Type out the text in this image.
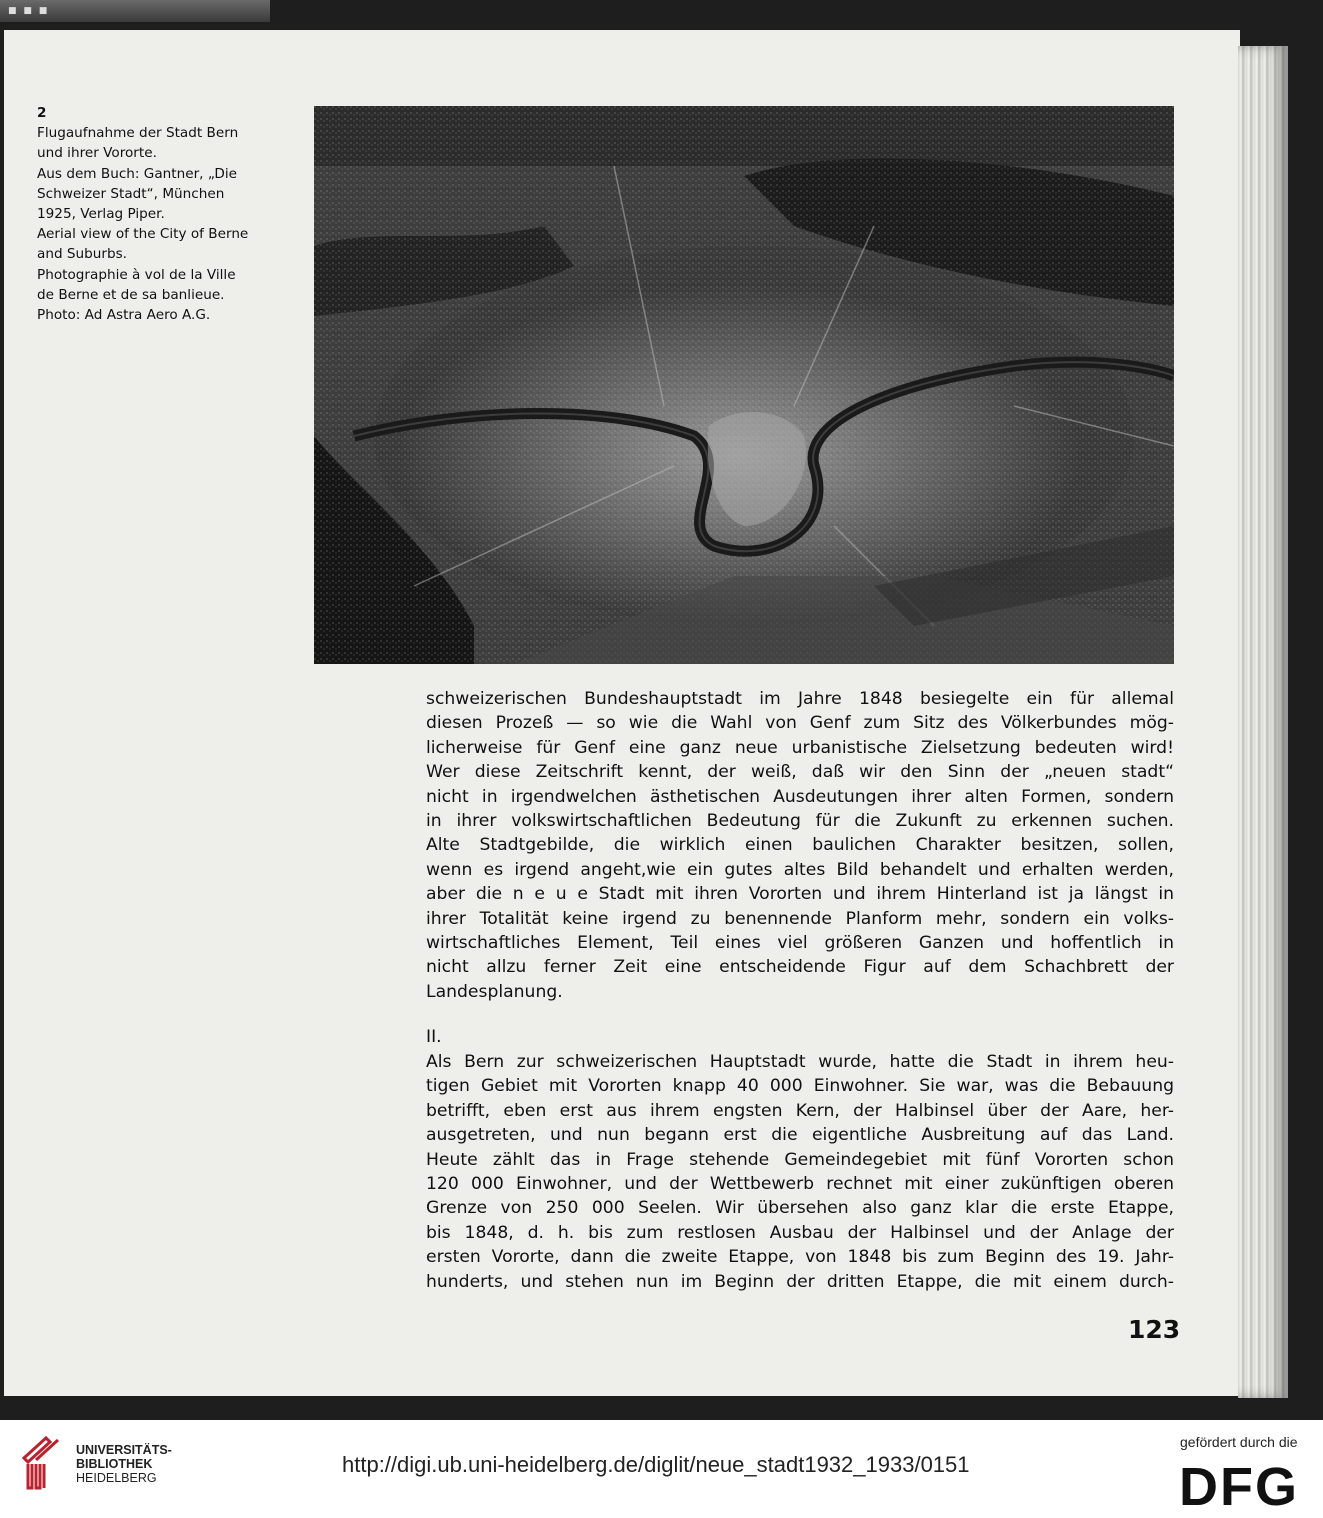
■ ■ ■
2
Flugaufnahme der Stadt Bern
und ihrer Vororte.
Aus dem Buch: Gantner, „Die
Schweizer Stadt“, München
1925, Verlag Piper.
Aerial view of the City of Berne
and Suburbs.
Photographie à vol de la Ville
de Berne et de sa banlieue.
Photo: Ad Astra Aero A.G.
schweizerischen Bundeshauptstadt im Jahre 1848 besiegelte ein für allemal
diesen Prozeß — so wie die Wahl von Genf zum Sitz des Völkerbundes mög-
licherweise für Genf eine ganz neue urbanistische Zielsetzung bedeuten wird!
Wer diese Zeitschrift kennt, der weiß, daß wir den Sinn der „neuen stadt“
nicht in irgendwelchen ästhetischen Ausdeutungen ihrer alten Formen, sondern
in ihrer volkswirtschaftlichen Bedeutung für die Zukunft zu erkennen suchen.
Alte Stadtgebilde, die wirklich einen baulichen Charakter besitzen, sollen,
wenn es irgend angeht,wie ein gutes altes Bild behandelt und erhalten werden,
aber die n e u e Stadt mit ihren Vororten und ihrem Hinterland ist ja längst in
ihrer Totalität keine irgend zu benennende Planform mehr, sondern ein volks-
wirtschaftliches Element, Teil eines viel größeren Ganzen und hoffentlich in
nicht allzu ferner Zeit eine entscheidende Figur auf dem Schachbrett der
Landesplanung.
II.
Als Bern zur schweizerischen Hauptstadt wurde, hatte die Stadt in ihrem heu-
tigen Gebiet mit Vororten knapp 40 000 Einwohner. Sie war, was die Bebauung
betrifft, eben erst aus ihrem engsten Kern, der Halbinsel über der Aare, her-
ausgetreten, und nun begann erst die eigentliche Ausbreitung auf das Land.
Heute zählt das in Frage stehende Gemeindegebiet mit fünf Vororten schon
120 000 Einwohner, und der Wettbewerb rechnet mit einer zukünftigen oberen
Grenze von 250 000 Seelen. Wir übersehen also ganz klar die erste Etappe,
bis 1848, d. h. bis zum restlosen Ausbau der Halbinsel und der Anlage der
ersten Vororte, dann die zweite Etappe, von 1848 bis zum Beginn des 19. Jahr-
hunderts, und stehen nun im Beginn der dritten Etappe, die mit einem durch-
123
UNIVERSITÄTS-
BIBLIOTHEK
HEIDELBERG
http://digi.ub.uni-heidelberg.de/diglit/neue_stadt1932_1933/0151
gefördert durch die
DFG
